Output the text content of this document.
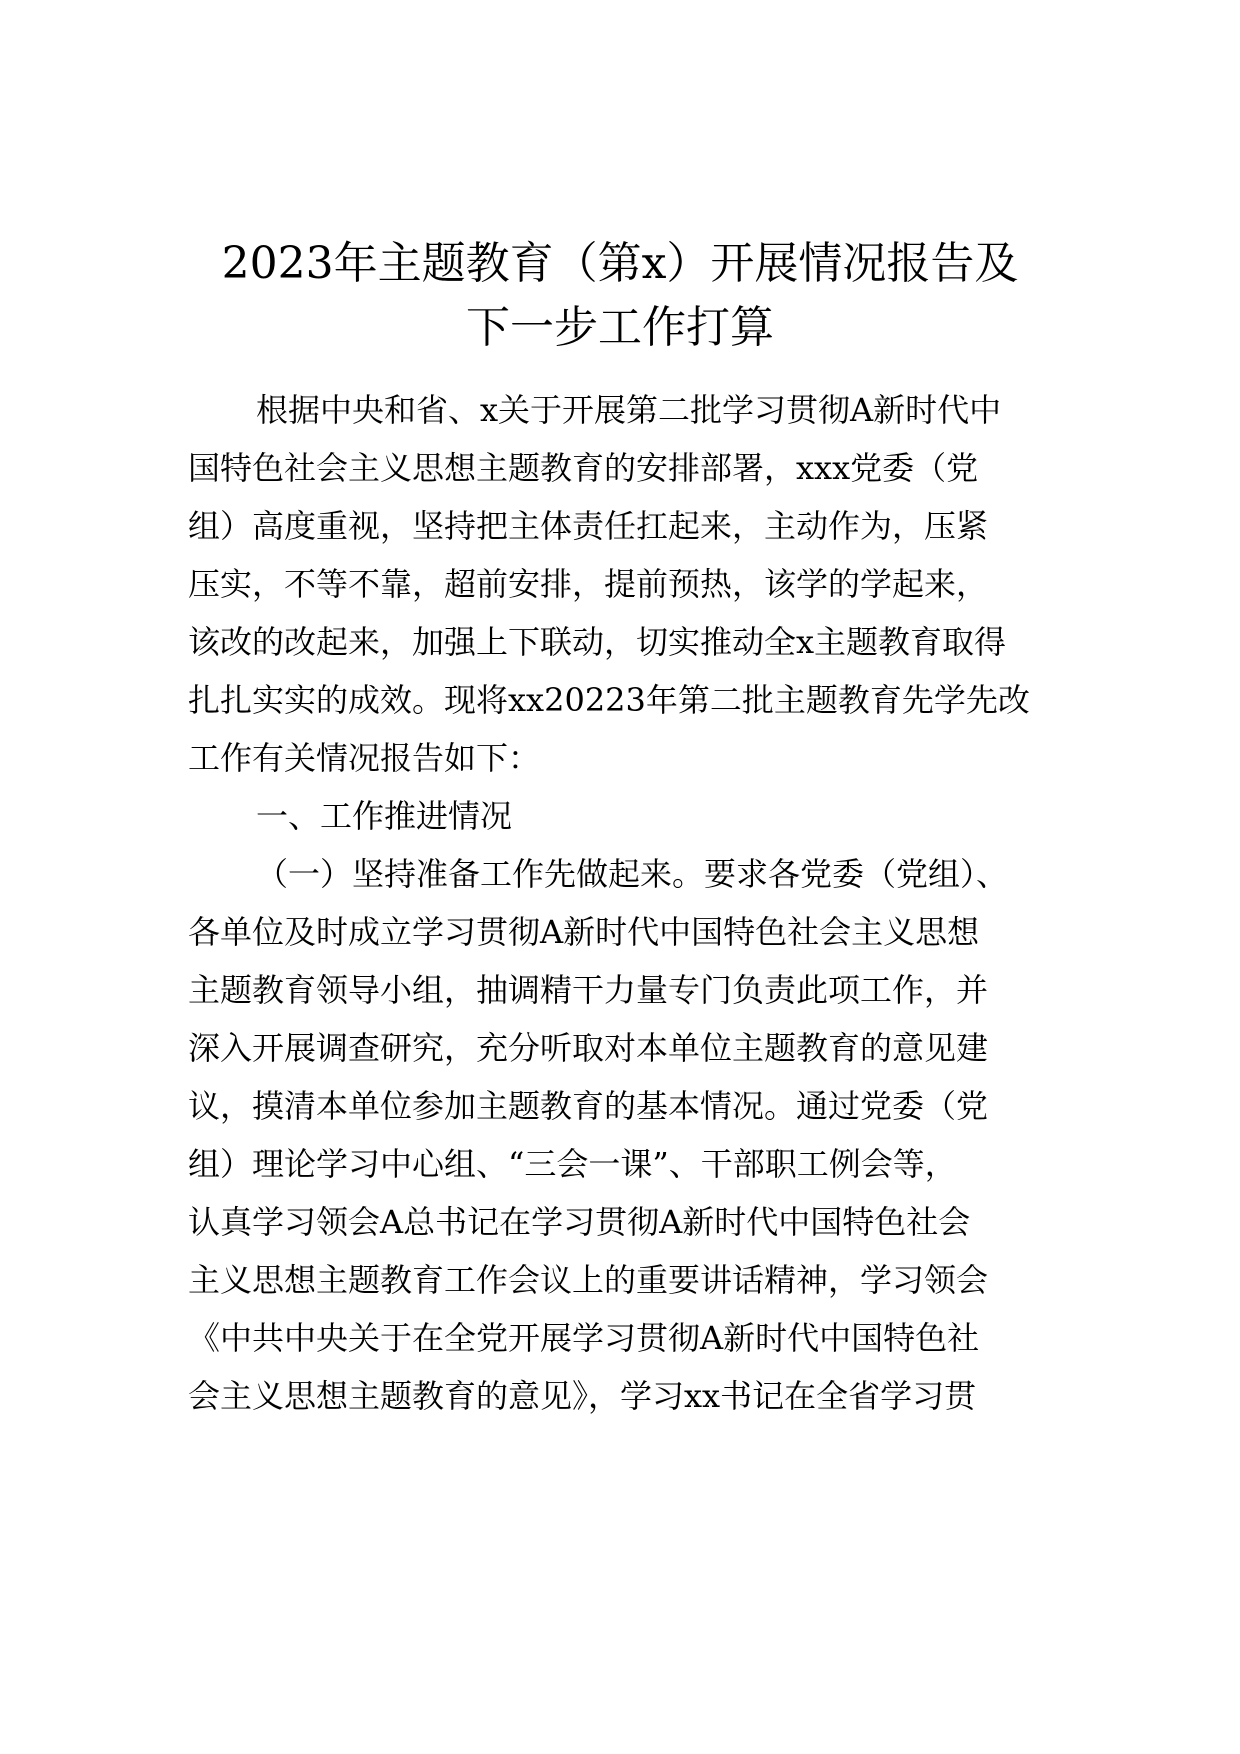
2023年主题教育（第x）开展情况报告及
下一步工作打算

根据中央和省、x关于开展第二批学习贯彻A新时代中

国特色社会主义思想主题教育的安排部署，xxx党委（党

组）高度重视，坚持把主体责任扛起来，主动作为，压紧

压实，不等不靠，超前安排，提前预热，该学的学起来，

该改的改起来，加强上下联动，切实推动全x主题教育取得

扎扎实实的成效。现将xx20223年第二批主题教育先学先改

工作有关情况报告如下：

一、工作推进情况

（一）坚持准备工作先做起来。要求各党委（党组）、

各单位及时成立学习贯彻A新时代中国特色社会主义思想

主题教育领导小组，抽调精干力量专门负责此项工作，并

深入开展调查研究，充分听取对本单位主题教育的意见建

议，摸清本单位参加主题教育的基本情况。通过党委（党

组）理论学习中心组、“三会一课”、干部职工例会等，

认真学习领会A总书记在学习贯彻A新时代中国特色社会

主义思想主题教育工作会议上的重要讲话精神，学习领会

《中共中央关于在全党开展学习贯彻A新时代中国特色社

会主义思想主题教育的意见》，学习xx书记在全省学习贯
